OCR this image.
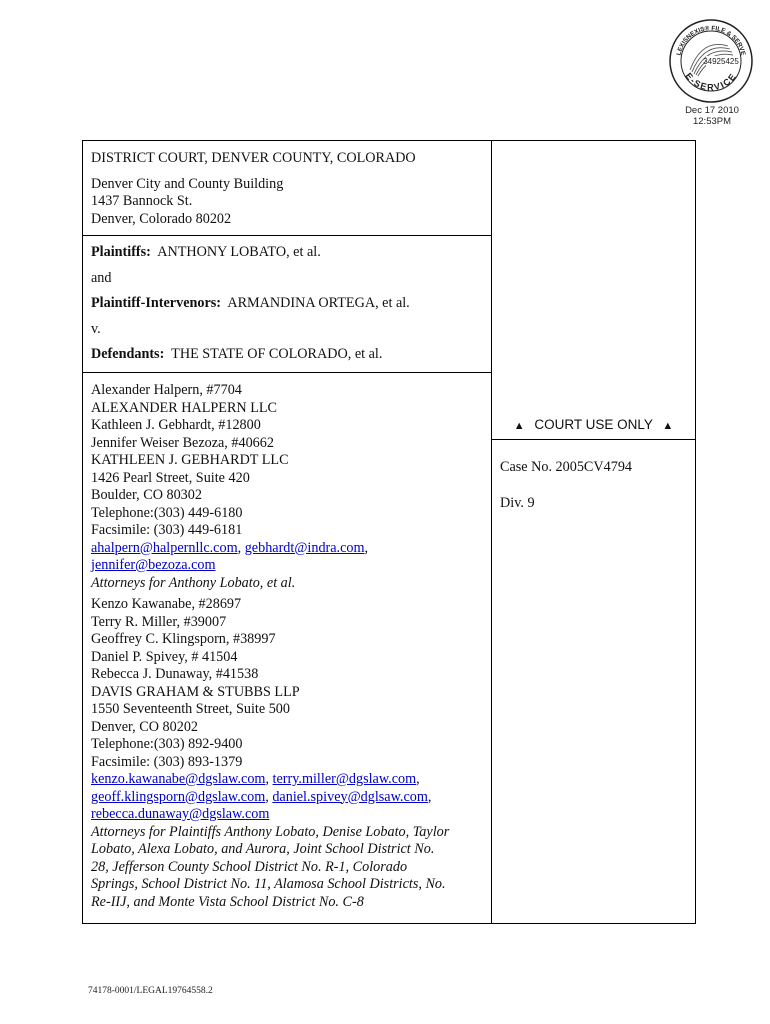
LEXISNEXIS® FILE & SERVE
E-SERVICE
34925425
Dec 17 2010
12:53PM
DISTRICT COURT, DENVER COUNTY, COLORADO
Denver City and County Building
1437 Bannock St.
Denver, Colorado 80202
Plaintiffs: ANTHONY LOBATO, et al.
and
Plaintiff-Intervenors: ARMANDINA ORTEGA, et al.
v.
Defendants: THE STATE OF COLORADO, et al.
Alexander Halpern, #7704
ALEXANDER HALPERN LLC
Kathleen J. Gebhardt, #12800
Jennifer Weiser Bezoza, #40662
KATHLEEN J. GEBHARDT LLC
1426 Pearl Street, Suite 420
Boulder, CO 80302
Telephone:(303) 449-6180
Facsimile: (303) 449-6181
ahalpern@halpernllc.com, gebhardt@indra.com,
jennifer@bezoza.com
Attorneys for Anthony Lobato, et al.
Kenzo Kawanabe, #28697
Terry R. Miller, #39007
Geoffrey C. Klingsporn, #38997
Daniel P. Spivey, # 41504
Rebecca J. Dunaway, #41538
DAVIS GRAHAM & STUBBS LLP
1550 Seventeenth Street, Suite 500
Denver, CO 80202
Telephone:(303) 892-9400
Facsimile: (303) 893-1379
kenzo.kawanabe@dgslaw.com, terry.miller@dgslaw.com,
geoff.klingsporn@dgslaw.com, daniel.spivey@dglsaw.com,
rebecca.dunaway@dgslaw.com
Attorneys for Plaintiffs Anthony Lobato, Denise Lobato, Taylor
Lobato, Alexa Lobato, and Aurora, Joint School District No.
28, Jefferson County School District No. R-1, Colorado
Springs, School District No. 11, Alamosa School Districts, No.
Re-IIJ, and Monte Vista School District No. C-8
▲ COURT USE ONLY ▲
Case No. 2005CV4794
Div. 9
74178-0001/LEGAL19764558.2
